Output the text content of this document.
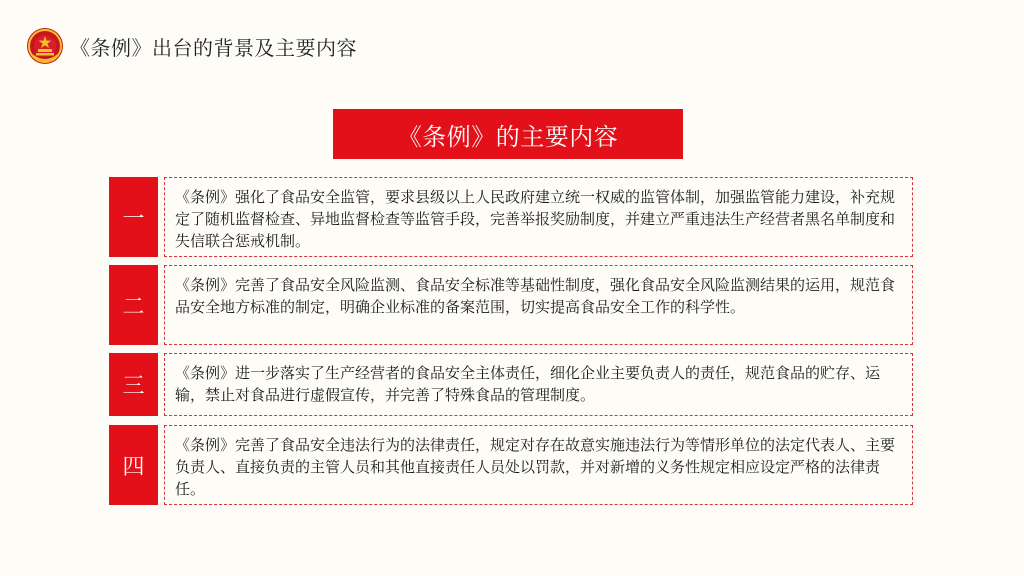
《条例》出台的背景及主要内容
《条例》的主要内容
一
《条例》强化了食品安全监管，要求县级以上人民政府建立统一权威的监管体制，加强监管能力建设，补充规定了随机监督检查、异地监督检查等监管手段，完善举报奖励制度，并建立严重违法生产经营者黑名单制度和失信联合惩戒机制。
二
《条例》完善了食品安全风险监测、食品安全标准等基础性制度，强化食品安全风险监测结果的运用，规范食品安全地方标准的制定，明确企业标准的备案范围，切实提高食品安全工作的科学性。
三
《条例》进一步落实了生产经营者的食品安全主体责任，细化企业主要负责人的责任，规范食品的贮存、运输，禁止对食品进行虚假宣传，并完善了特殊食品的管理制度。
四
《条例》完善了食品安全违法行为的法律责任，规定对存在故意实施违法行为等情形单位的法定代表人、主要负责人、直接负责的主管人员和其他直接责任人员处以罚款，并对新增的义务性规定相应设定严格的法律责任。
